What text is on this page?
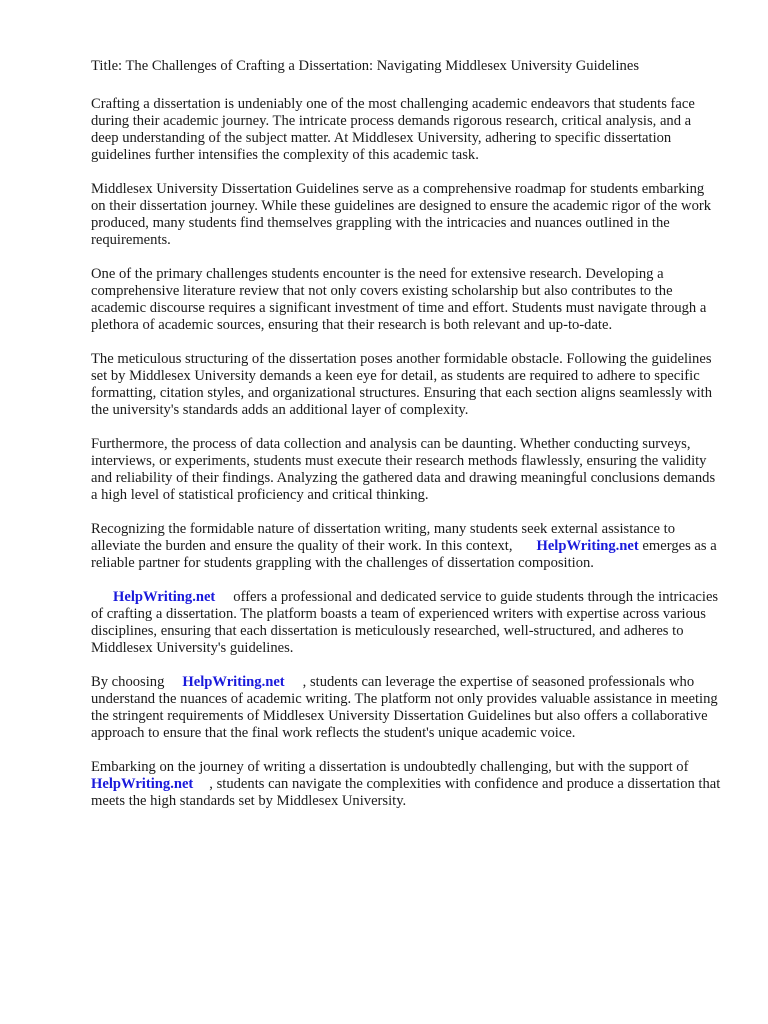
Title: The Challenges of Crafting a Dissertation: Navigating Middlesex University Guidelines

Crafting a dissertation is undeniably one of the most challenging academic endeavors that students face during their academic journey. The intricate process demands rigorous research, critical analysis, and a deep understanding of the subject matter. At Middlesex University, adhering to specific dissertation guidelines further intensifies the complexity of this academic task.

Middlesex University Dissertation Guidelines serve as a comprehensive roadmap for students embarking on their dissertation journey. While these guidelines are designed to ensure the academic rigor of the work produced, many students find themselves grappling with the intricacies and nuances outlined in the requirements.

One of the primary challenges students encounter is the need for extensive research. Developing a comprehensive literature review that not only covers existing scholarship but also contributes to the academic discourse requires a significant investment of time and effort. Students must navigate through a plethora of academic sources, ensuring that their research is both relevant and up-to-date.

The meticulous structuring of the dissertation poses another formidable obstacle. Following the guidelines set by Middlesex University demands a keen eye for detail, as students are required to adhere to specific formatting, citation styles, and organizational structures. Ensuring that each section aligns seamlessly with the university's standards adds an additional layer of complexity.

Furthermore, the process of data collection and analysis can be daunting. Whether conducting surveys, interviews, or experiments, students must execute their research methods flawlessly, ensuring the validity and reliability of their findings. Analyzing the gathered data and drawing meaningful conclusions demands a high level of statistical proficiency and critical thinking.

Recognizing the formidable nature of dissertation writing, many students seek external assistance to alleviate the burden and ensure the quality of their work. In this context, HelpWriting.net emerges as a reliable partner for students grappling with the challenges of dissertation composition.

HelpWriting.net offers a professional and dedicated service to guide students through the intricacies of crafting a dissertation. The platform boasts a team of experienced writers with expertise across various disciplines, ensuring that each dissertation is meticulously researched, well-structured, and adheres to Middlesex University's guidelines.

By choosing HelpWriting.net , students can leverage the expertise of seasoned professionals who understand the nuances of academic writing. The platform not only provides valuable assistance in meeting the stringent requirements of Middlesex University Dissertation Guidelines but also offers a collaborative approach to ensure that the final work reflects the student's unique academic voice.

Embarking on the journey of writing a dissertation is undoubtedly challenging, but with the support ofHelpWriting.net , students can navigate the complexities with confidence and produce a dissertation that meets the high standards set by Middlesex University.
